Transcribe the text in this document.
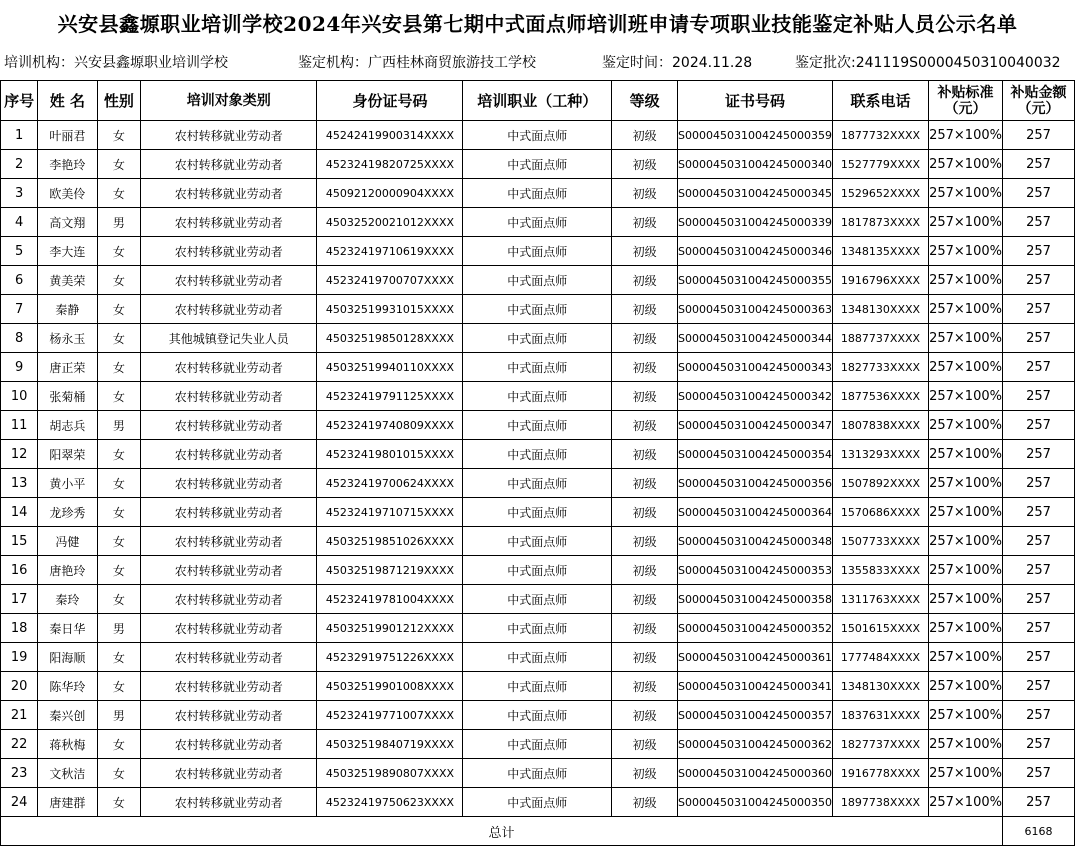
兴安县鑫塬职业培训学校2024年兴安县第七期中式面点师培训班申请专项职业技能鉴定补贴人员公示名单
培训机构：兴安县鑫塬职业培训学校	鉴定机构：广西桂林商贸旅游技工学校	鉴定时间：2024.11.28	鉴定批次:241119S0000450310040032
序号	姓 名	性别	培训对象类别	身份证号码	培训职业（工种）	等级	证书号码	联系电话	补贴标准（元）	补贴金额（元）

1	叶丽君	女	农村转移就业劳动者	45242419900314XXXX	中式面点师	初级	S000045031004245000359	1877732XXXX	257×100%	257
2	李艳玲	女	农村转移就业劳动者	45232419820725XXXX	中式面点师	初级	S000045031004245000340	1527779XXXX	257×100%	257
3	欧美伶	女	农村转移就业劳动者	45092120000904XXXX	中式面点师	初级	S000045031004245000345	1529652XXXX	257×100%	257
4	高文翔	男	农村转移就业劳动者	45032520021012XXXX	中式面点师	初级	S000045031004245000339	1817873XXXX	257×100%	257
5	李大连	女	农村转移就业劳动者	45232419710619XXXX	中式面点师	初级	S000045031004245000346	1348135XXXX	257×100%	257
6	黄美荣	女	农村转移就业劳动者	45232419700707XXXX	中式面点师	初级	S000045031004245000355	1916796XXXX	257×100%	257
7	秦静	女	农村转移就业劳动者	45032519931015XXXX	中式面点师	初级	S000045031004245000363	1348130XXXX	257×100%	257
8	杨永玉	女	其他城镇登记失业人员	45032519850128XXXX	中式面点师	初级	S000045031004245000344	1887737XXXX	257×100%	257
9	唐正荣	女	农村转移就业劳动者	45032519940110XXXX	中式面点师	初级	S000045031004245000343	1827733XXXX	257×100%	257
10	张菊桶	女	农村转移就业劳动者	45232419791125XXXX	中式面点师	初级	S000045031004245000342	1877536XXXX	257×100%	257
11	胡志兵	男	农村转移就业劳动者	45232419740809XXXX	中式面点师	初级	S000045031004245000347	1807838XXXX	257×100%	257
12	阳翠荣	女	农村转移就业劳动者	45232419801015XXXX	中式面点师	初级	S000045031004245000354	1313293XXXX	257×100%	257
13	黄小平	女	农村转移就业劳动者	45232419700624XXXX	中式面点师	初级	S000045031004245000356	1507892XXXX	257×100%	257
14	龙珍秀	女	农村转移就业劳动者	45232419710715XXXX	中式面点师	初级	S000045031004245000364	1570686XXXX	257×100%	257
15	冯健	女	农村转移就业劳动者	45032519851026XXXX	中式面点师	初级	S000045031004245000348	1507733XXXX	257×100%	257
16	唐艳玲	女	农村转移就业劳动者	45032519871219XXXX	中式面点师	初级	S000045031004245000353	1355833XXXX	257×100%	257
17	秦玲	女	农村转移就业劳动者	45232419781004XXXX	中式面点师	初级	S000045031004245000358	1311763XXXX	257×100%	257
18	秦日华	男	农村转移就业劳动者	45032519901212XXXX	中式面点师	初级	S000045031004245000352	1501615XXXX	257×100%	257
19	阳海顺	女	农村转移就业劳动者	45232919751226XXXX	中式面点师	初级	S000045031004245000361	1777484XXXX	257×100%	257
20	陈华玲	女	农村转移就业劳动者	45032519901008XXXX	中式面点师	初级	S000045031004245000341	1348130XXXX	257×100%	257
21	秦兴创	男	农村转移就业劳动者	45232419771007XXXX	中式面点师	初级	S000045031004245000357	1837631XXXX	257×100%	257
22	蒋秋梅	女	农村转移就业劳动者	45032519840719XXXX	中式面点师	初级	S000045031004245000362	1827737XXXX	257×100%	257
23	文秋洁	女	农村转移就业劳动者	45032519890807XXXX	中式面点师	初级	S000045031004245000360	1916778XXXX	257×100%	257
24	唐建群	女	农村转移就业劳动者	45232419750623XXXX	中式面点师	初级	S000045031004245000350	1897738XXXX	257×100%	257
总计										6168
